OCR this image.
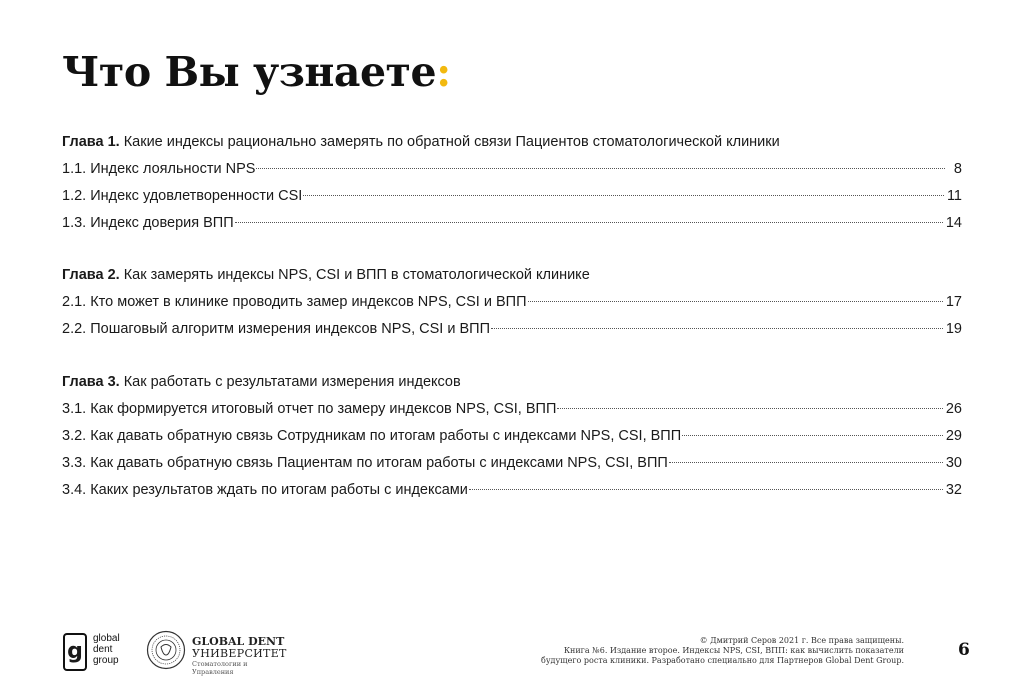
Что Вы узнаете:
Глава 1. Какие индексы рационально замерять по обратной связи Пациентов стоматологической клиники
1.1. Индекс лояльности NPS	8
1.2. Индекс удовлетворенности CSI	11
1.3. Индекс доверия ВПП	14
Глава 2. Как замерять индексы NPS, CSI и ВПП в стоматологической клинике
2.1. Кто может в клинике проводить замер индексов NPS, CSI и ВПП	17
2.2. Пошаговый алгоритм измерения индексов NPS, CSI и ВПП	19
Глава 3. Как работать с результатами измерения индексов
3.1. Как формируется итоговый отчет по замеру индексов NPS, CSI, ВПП	26
3.2. Как давать обратную связь Сотрудникам по итогам работы с индексами NPS, CSI, ВПП	29
3.3. Как давать обратную связь Пациентам по итогам работы с индексами NPS, CSI, ВПП	30
3.4. Каких результатов ждать по итогам работы с индексами	32
g
global
dent
group
GLOBAL DENT
УНИВЕРСИТЕТ
Стоматологии и Управления
© Дмитрий Серов 2021 г. Все права защищены.
Книга №6. Издание второе. Индексы NPS, CSI, ВПП: как вычислить показатели
будущего роста клиники. Разработано специально для Партнеров Global Dent Group.
6
